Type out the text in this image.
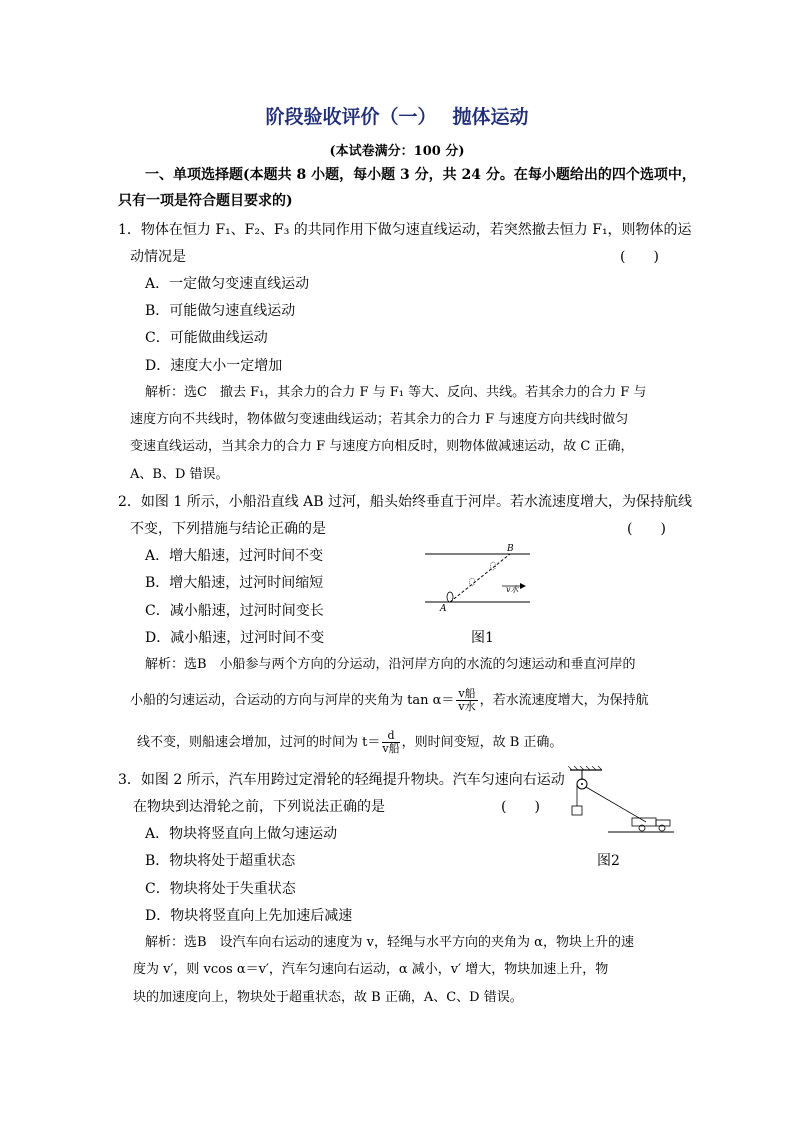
阶段验收评价（一）　 抛体运动
(本试卷满分：100 分)
一、单项选择题(本题共 8 小题，每小题 3 分，共 24 分。在每小题给出的四个选项中，
只有一项是符合题目要求的)
1．物体在恒力 F₁、F₂、F₃ 的共同作用下做匀速直线运动，若突然撤去恒力 F₁，则物体的运
动情况是	(　　)
A．一定做匀变速直线运动
B．可能做匀速直线运动
C．可能做曲线运动
D．速度大小一定增加
解析：选C　撤去 F₁，其余力的合力 F 与 F₁ 等大、反向、共线。若其余力的合力 F 与
速度方向不共线时，物体做匀变速曲线运动；若其余力的合力 F 与速度方向共线时做匀
变速直线运动，当其余力的合力 F 与速度方向相反时，则物体做减速运动，故 C 正确，
A、B、D 错误。
2．如图 1 所示，小船沿直线 AB 过河，船头始终垂直于河岸。若水流速度增大，为保持航线
不变，下列措施与结论正确的是	(　　)
A．增大船速，过河时间不变
B．增大船速，过河时间缩短
C．减小船速，过河时间变长
D．减小船速，过河时间不变
A
B
v水
图1
解析：选B　小船参与两个方向的分运动，沿河岸方向的水流的匀速运动和垂直河岸的
小船的匀速运动，合运动的方向与河岸的夹角为 $\tan \alpha= \frac{\text{v船}}{\text{v水}}$ ，若水流速度增大，为保持航
线不变，则船速会增加，过河的时间为 $t= \frac{d}{\text{v船}}$ ，则时间变短，故 B 正确。
3．如图 2 所示，汽车用跨过定滑轮的轻绳提升物块。汽车匀速向右运动
在物块到达滑轮之前，下列说法正确的是	(　　)
A．物块将竖直向上做匀速运动
B．物块将处于超重状态
C．物块将处于失重状态
D．物块将竖直向上先加速后减速
图2
解析：选B　设汽车向右运动的速度为 v，轻绳与水平方向的夹角为 α，物块上升的速
度为 v′，则 vcos α＝v′，汽车匀速向右运动，α 减小，v′ 增大，物块加速上升，物
块的加速度向上，物块处于超重状态，故 B 正确，A、C、D 错误。
